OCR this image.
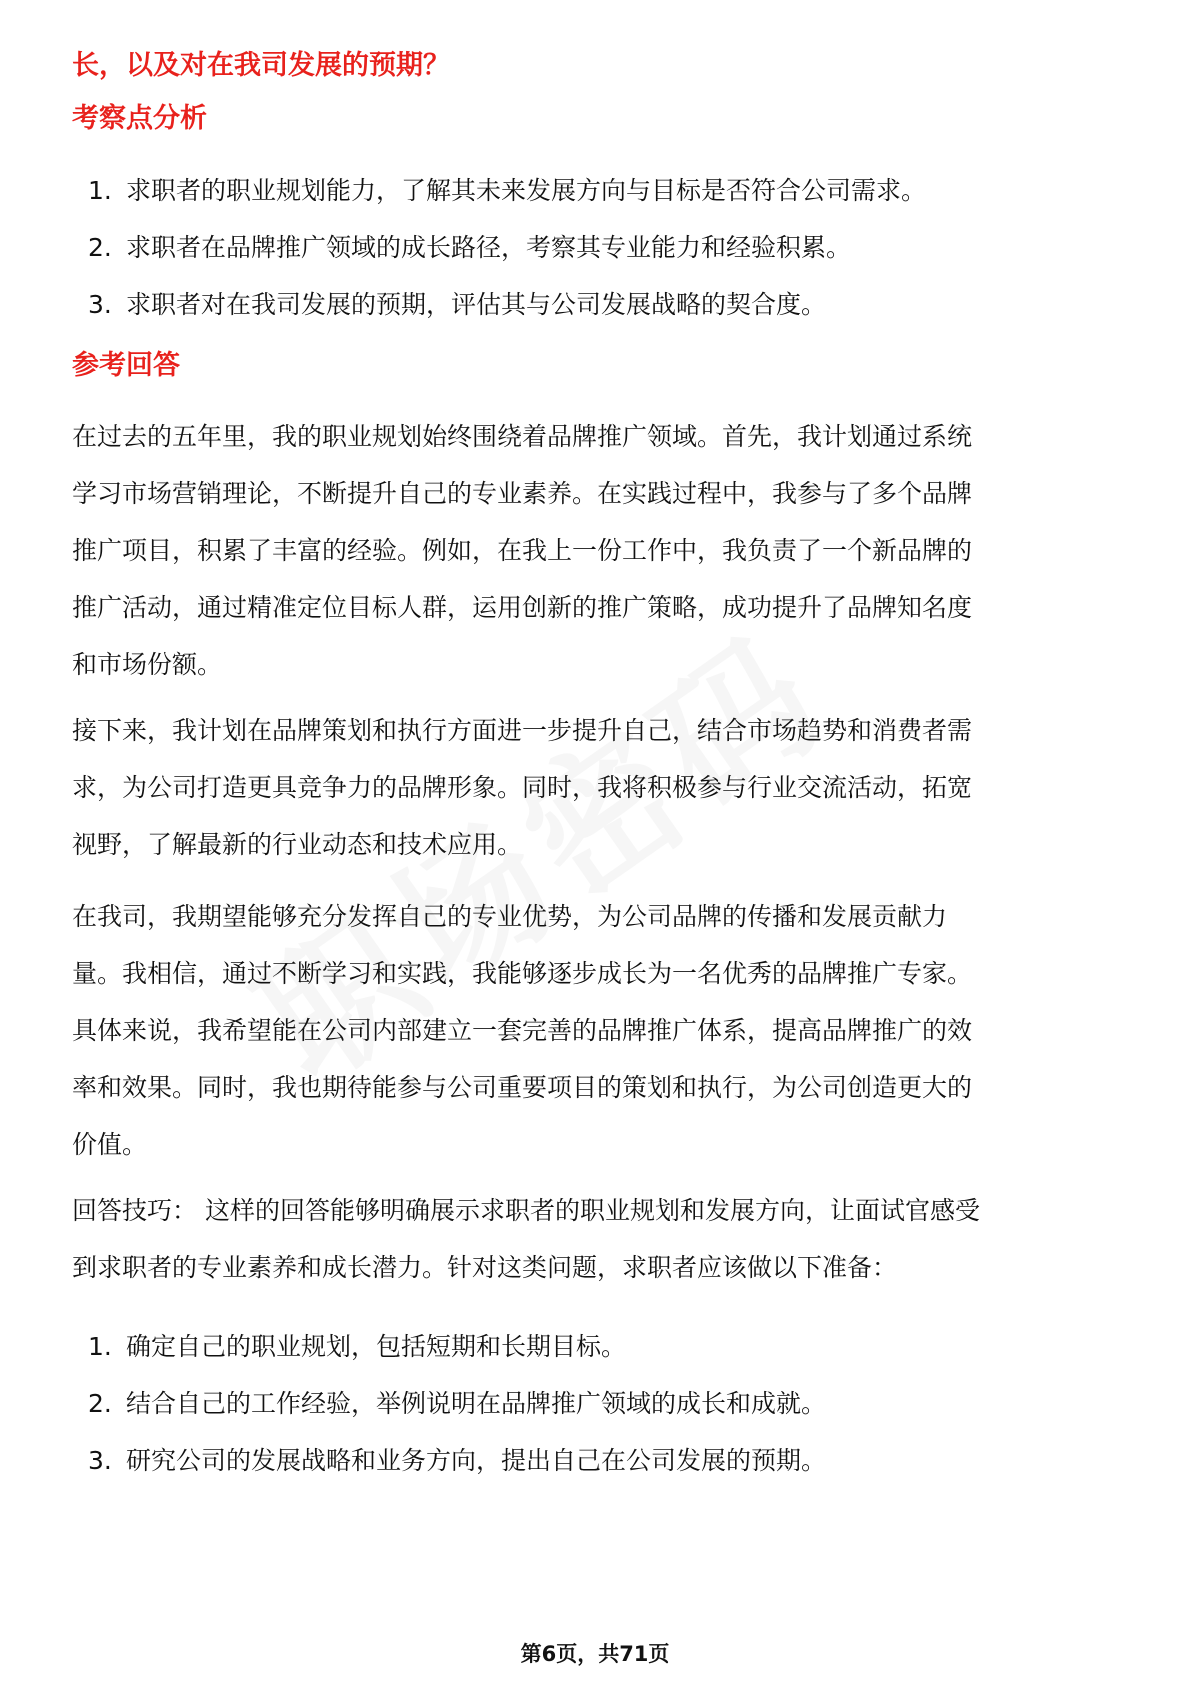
长，以及对在我司发展的预期？
考察点分析
1. 求职者的职业规划能力，了解其未来发展方向与目标是否符合公司需求。
2. 求职者在品牌推广领域的成长路径，考察其专业能力和经验积累。
3. 求职者对在我司发展的预期，评估其与公司发展战略的契合度。
参考回答
在过去的五年里，我的职业规划始终围绕着品牌推广领域。首先，我计划通过系统
学习市场营销理论，不断提升自己的专业素养。在实践过程中，我参与了多个品牌
推广项目，积累了丰富的经验。例如，在我上一份工作中，我负责了一个新品牌的
推广活动，通过精准定位目标人群，运用创新的推广策略，成功提升了品牌知名度
和市场份额。
接下来，我计划在品牌策划和执行方面进一步提升自己，结合市场趋势和消费者需
求，为公司打造更具竞争力的品牌形象。同时，我将积极参与行业交流活动，拓宽
视野，了解最新的行业动态和技术应用。
在我司，我期望能够充分发挥自己的专业优势，为公司品牌的传播和发展贡献力
量。我相信，通过不断学习和实践，我能够逐步成长为一名优秀的品牌推广专家。
具体来说，我希望能在公司内部建立一套完善的品牌推广体系，提高品牌推广的效
率和效果。同时，我也期待能参与公司重要项目的策划和执行，为公司创造更大的
价值。
回答技巧： 这样的回答能够明确展示求职者的职业规划和发展方向，让面试官感受
到求职者的专业素养和成长潜力。针对这类问题，求职者应该做以下准备：
1. 确定自己的职业规划，包括短期和长期目标。
2. 结合自己的工作经验，举例说明在品牌推广领域的成长和成就。
3. 研究公司的发展战略和业务方向，提出自己在公司发展的预期。
第6页，共71页
